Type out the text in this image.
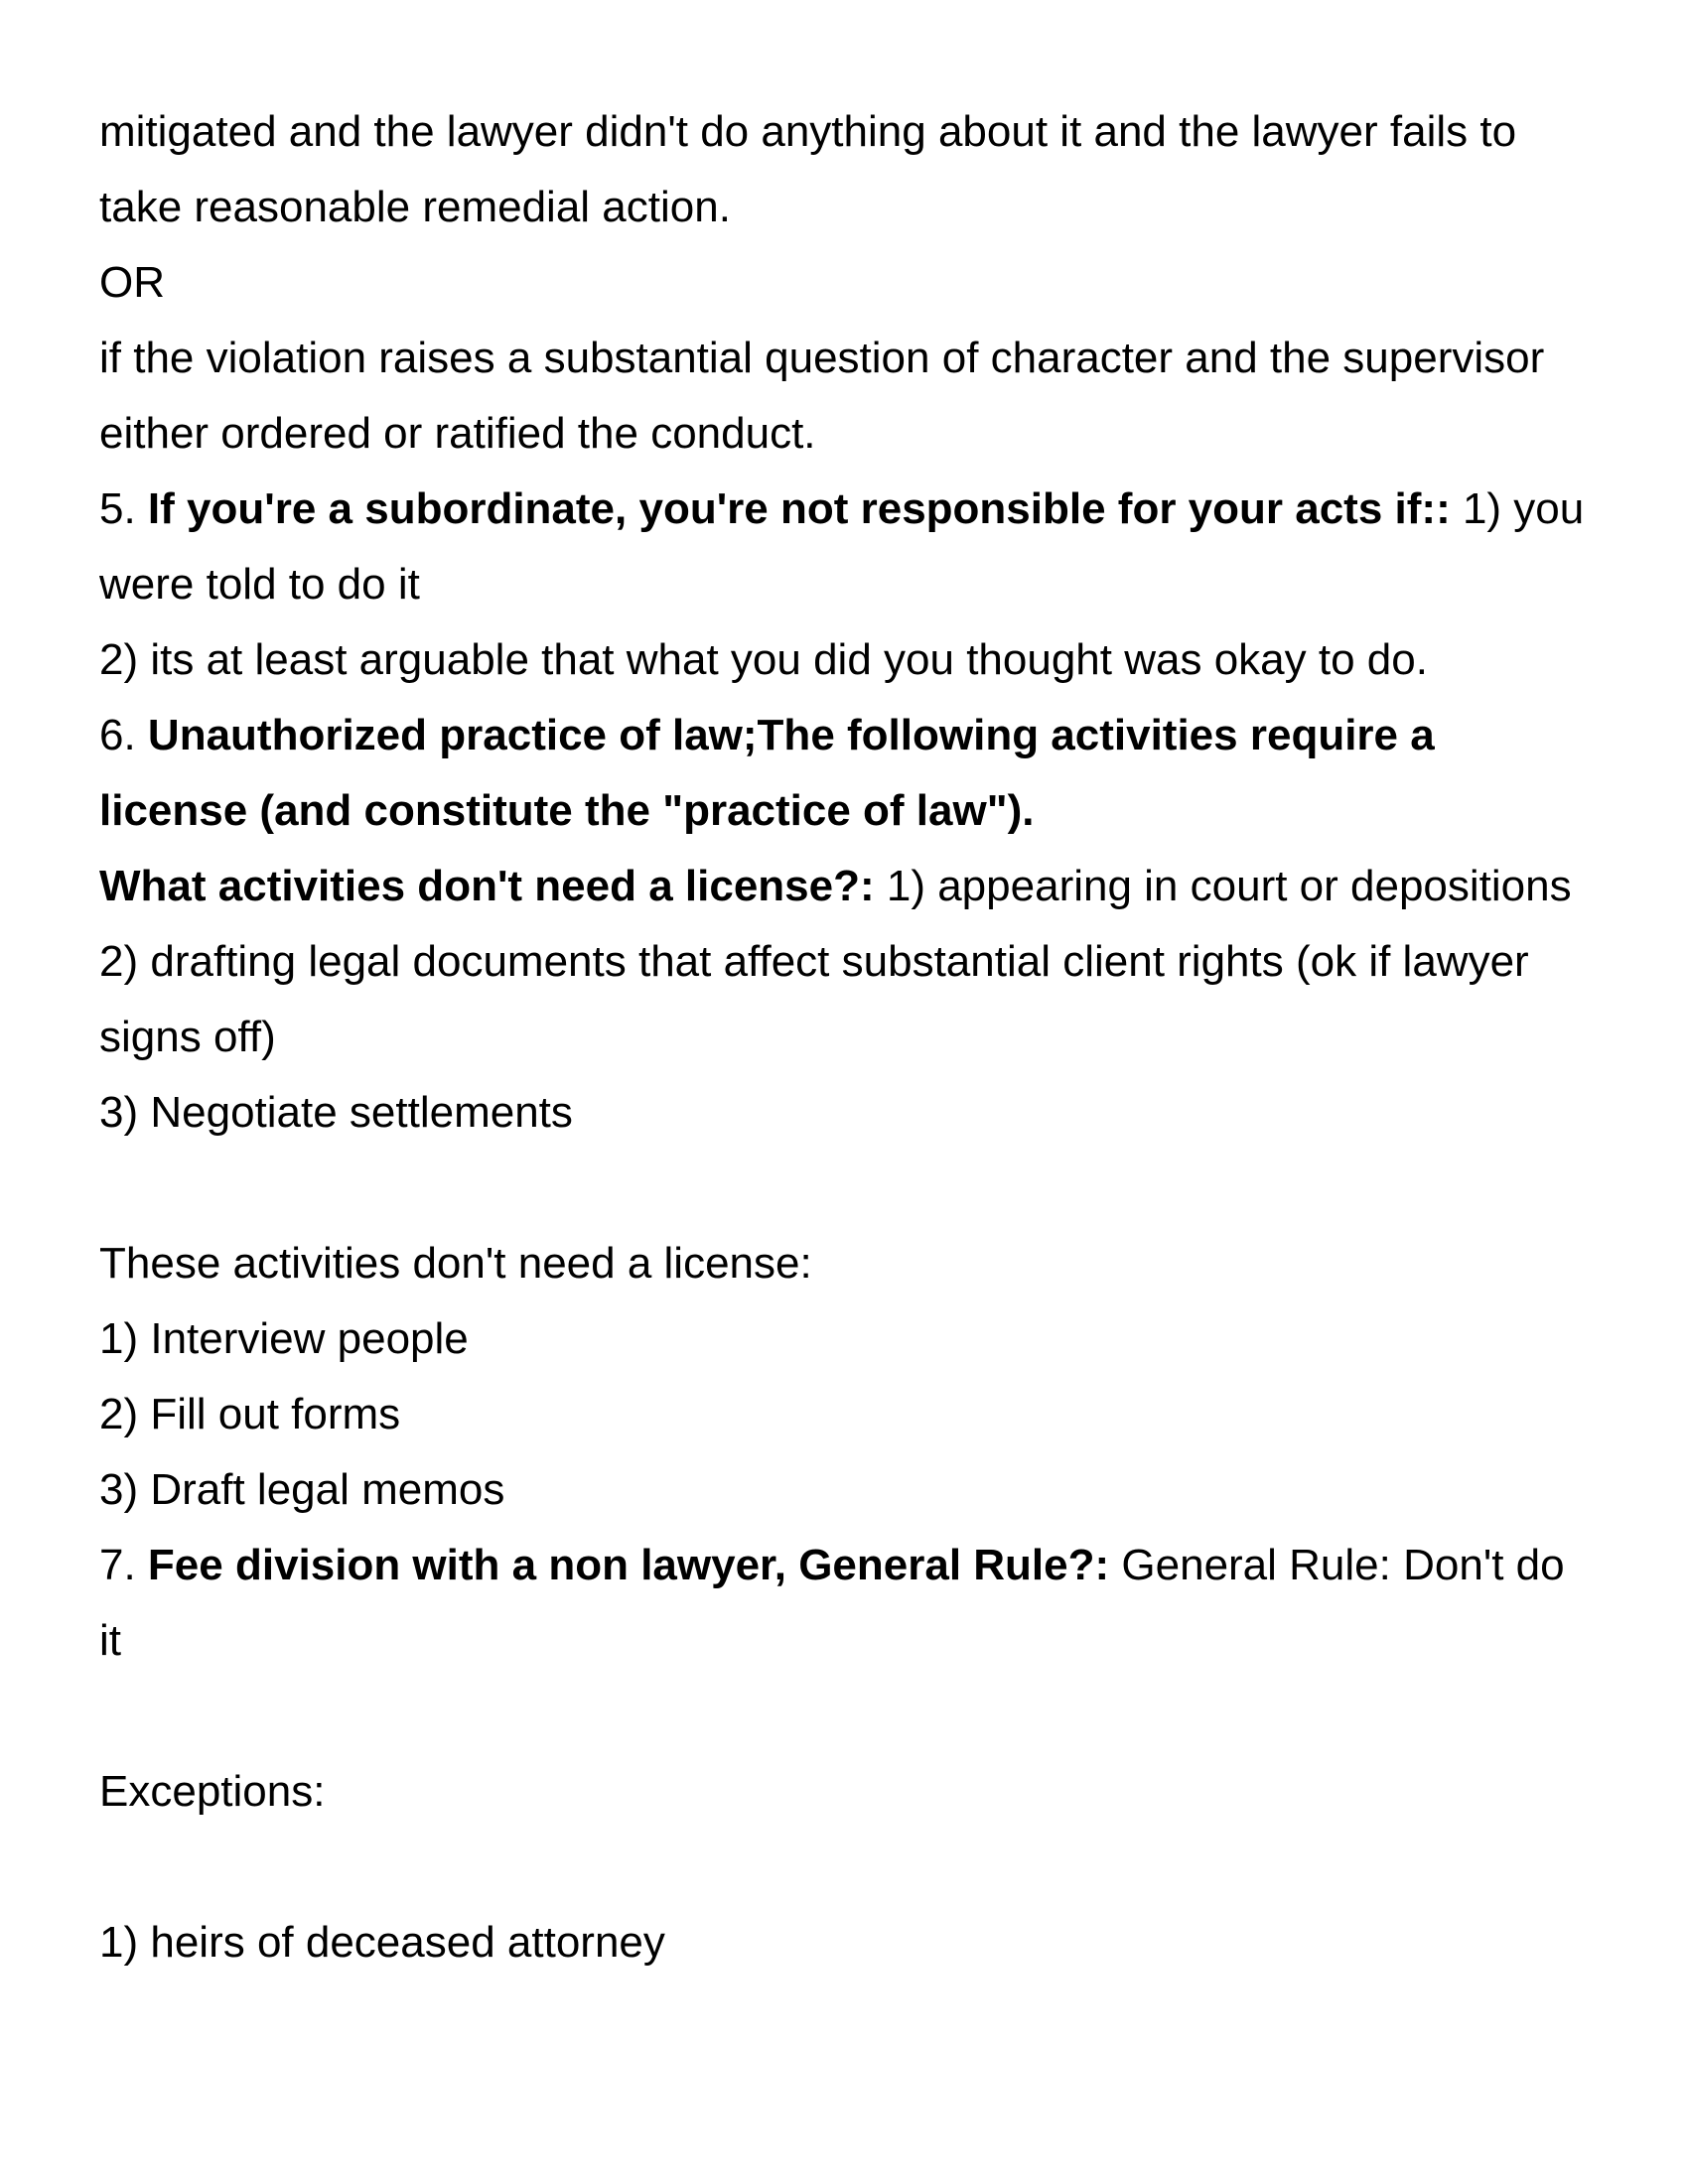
mitigated and the lawyer didn't do anything about it and the lawyer fails to
take reasonable remedial action.
OR
if the violation raises a substantial question of character and the supervisor
either ordered or ratified the conduct.
5. If you're a subordinate, you're not responsible for your acts if:: 1) you
were told to do it
2) its at least arguable that what you did you thought was okay to do.
6. Unauthorized practice of law;The following activities require a
license (and constitute the "practice of law").
What activities don't need a license?: 1) appearing in court or depositions
2) drafting legal documents that affect substantial client rights (ok if lawyer
signs off)
3) Negotiate settlements
These activities don't need a license:
1) Interview people
2) Fill out forms
3) Draft legal memos
7. Fee division with a non lawyer, General Rule?: General Rule: Don't do
it
Exceptions:
1) heirs of deceased attorney
